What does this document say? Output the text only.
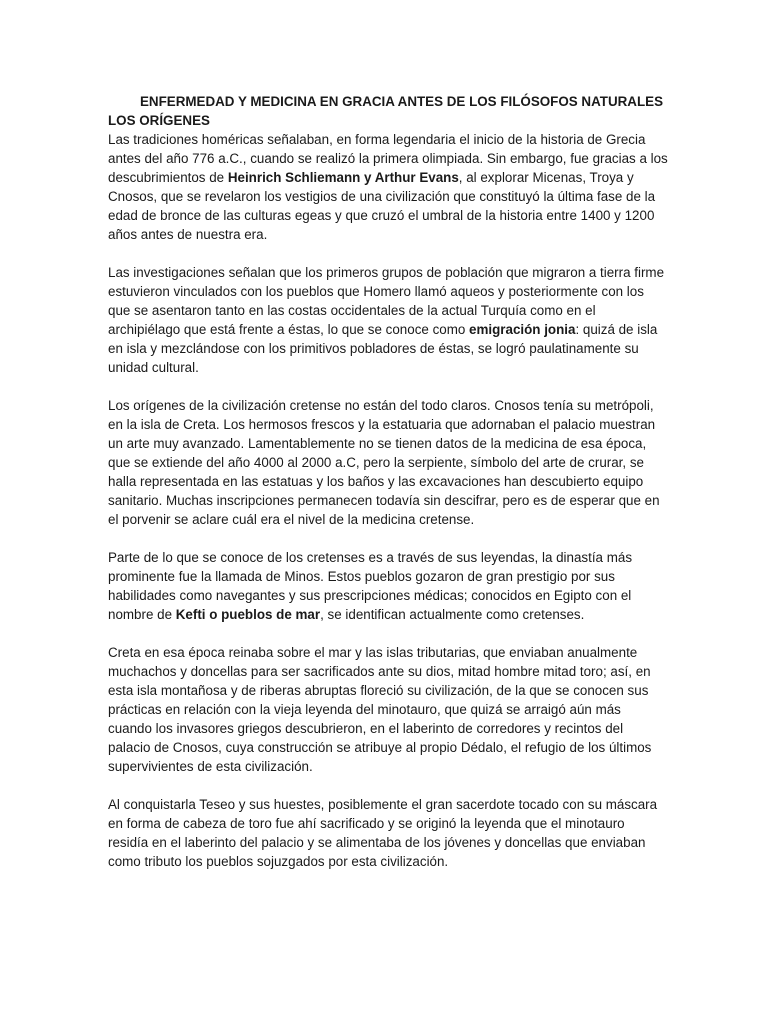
ENFERMEDAD Y MEDICINA EN GRACIA ANTES DE LOS FILÓSOFOS NATURALES

LOS ORÍGENES

Las tradiciones homéricas señalaban, en forma legendaria el inicio de la historia de Grecia antes del año 776 a.C., cuando se realizó la primera olimpiada. Sin embargo, fue gracias a los descubrimientos de Heinrich Schliemann y Arthur Evans, al explorar Micenas, Troya y Cnosos, que se revelaron los vestigios de una civilización que constituyó la última fase de la edad de bronce de las culturas egeas y que cruzó el umbral de la historia entre 1400 y 1200 años antes de nuestra era.

Las investigaciones señalan que los primeros grupos de población que migraron a tierra firme estuvieron vinculados con los pueblos que Homero llamó aqueos y posteriormente con los que se asentaron tanto en las costas occidentales de la actual Turquía como en el archipiélago que está frente a éstas, lo que se conoce como emigración jonia: quizá de isla en isla y mezclándose con los primitivos pobladores de éstas, se logró paulatinamente su unidad cultural.

Los orígenes de la civilización cretense no están del todo claros. Cnosos tenía su metrópoli, en la isla de Creta. Los hermosos frescos y la estatuaria que adornaban el palacio muestran un arte muy avanzado. Lamentablemente no se tienen datos de la medicina de esa época, que se extiende del año 4000 al 2000 a.C, pero la serpiente, símbolo del arte de crurar, se halla representada en las estatuas y los baños y las excavaciones han descubierto equipo sanitario. Muchas inscripciones permanecen todavía sin descifrar, pero es de esperar que en el porvenir se aclare cuál era el nivel de la medicina cretense.

Parte de lo que se conoce de los cretenses es a través de sus leyendas, la dinastía más prominente fue la llamada de Minos. Estos pueblos gozaron de gran prestigio por sus habilidades como navegantes y sus prescripciones médicas; conocidos en Egipto con el nombre de Kefti o pueblos de mar, se identifican actualmente como cretenses.

Creta en esa época reinaba sobre el mar y las islas tributarias, que enviaban anualmente muchachos y doncellas para ser sacrificados ante su dios, mitad hombre mitad toro; así, en esta isla montañosa y de riberas abruptas floreció su civilización, de la que se conocen sus prácticas en relación con la vieja leyenda del minotauro, que quizá se arraigó aún más cuando los invasores griegos descubrieron, en el laberinto de corredores y recintos del palacio de Cnosos, cuya construcción se atribuye al propio Dédalo, el refugio de los últimos supervivientes de esta civilización.

Al conquistarla Teseo y sus huestes, posiblemente el gran sacerdote tocado con su máscara en forma de cabeza de toro fue ahí sacrificado y se originó la leyenda que el minotauro residía en el laberinto del palacio y se alimentaba de los jóvenes y doncellas que enviaban como tributo los pueblos sojuzgados por esta civilización.
